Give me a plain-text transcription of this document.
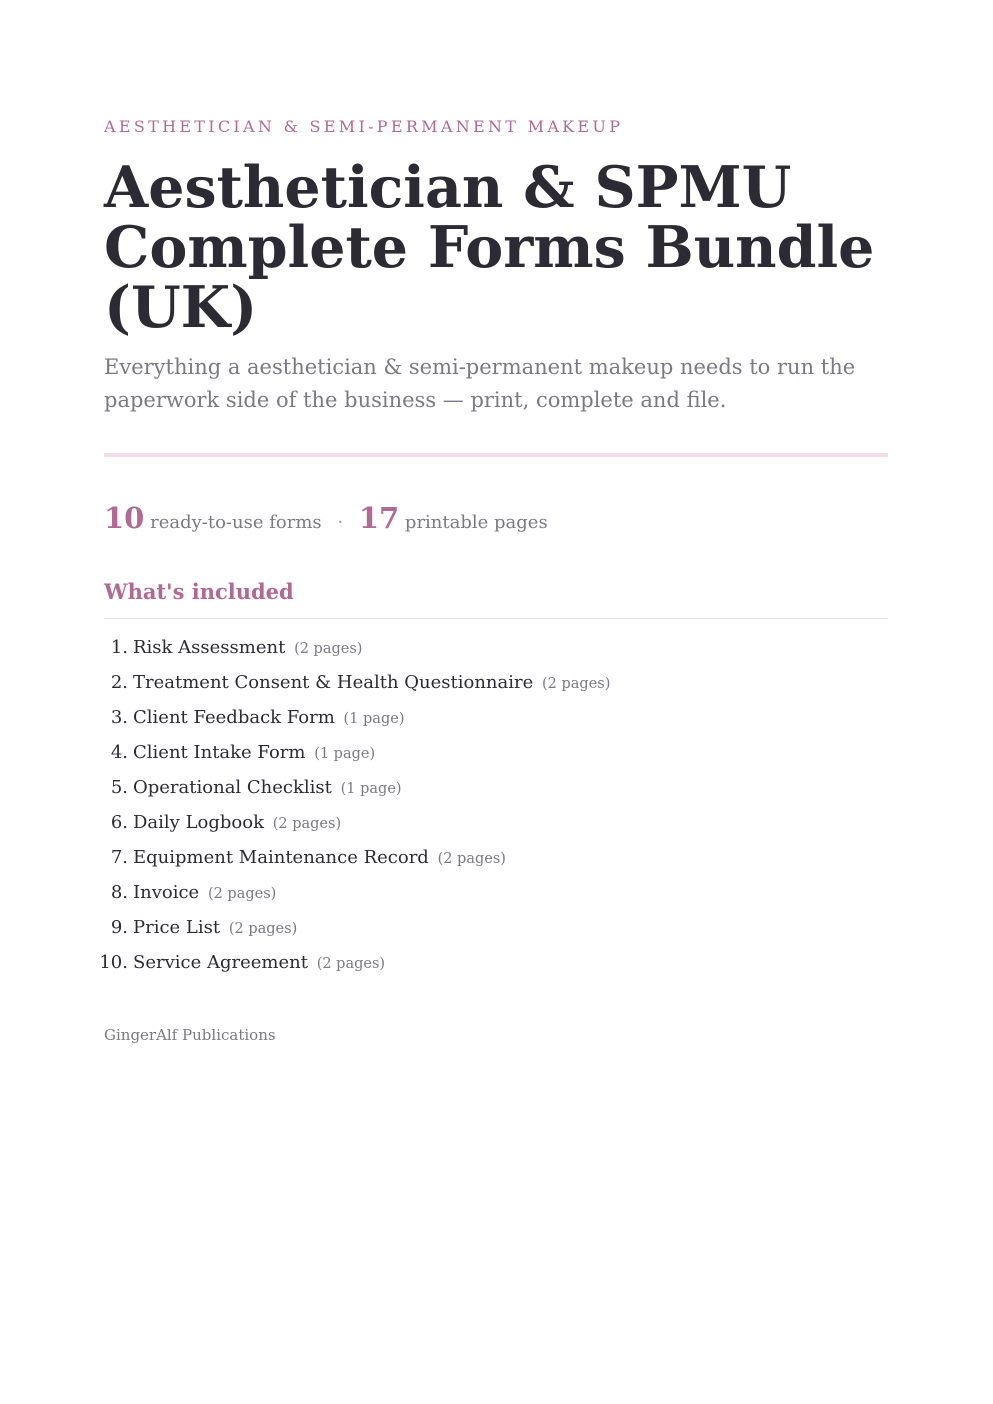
AESTHETICIAN & SEMI-PERMANENT MAKEUP
Aesthetician & SPMU Complete Forms Bundle (UK)

Everything a aesthetician & semi-permanent makeup needs to run the paperwork side of the business — print, complete and file.

10 ready-to-use forms · 17 printable pages
What's included
1. Risk Assessment (2 pages)
2. Treatment Consent & Health Questionnaire (2 pages)
3. Client Feedback Form (1 page)
4. Client Intake Form (1 page)
5. Operational Checklist (1 page)
6. Daily Logbook (2 pages)
7. Equipment Maintenance Record (2 pages)
8. Invoice (2 pages)
9. Price List (2 pages)
10. Service Agreement (2 pages)
GingerAlf Publications
